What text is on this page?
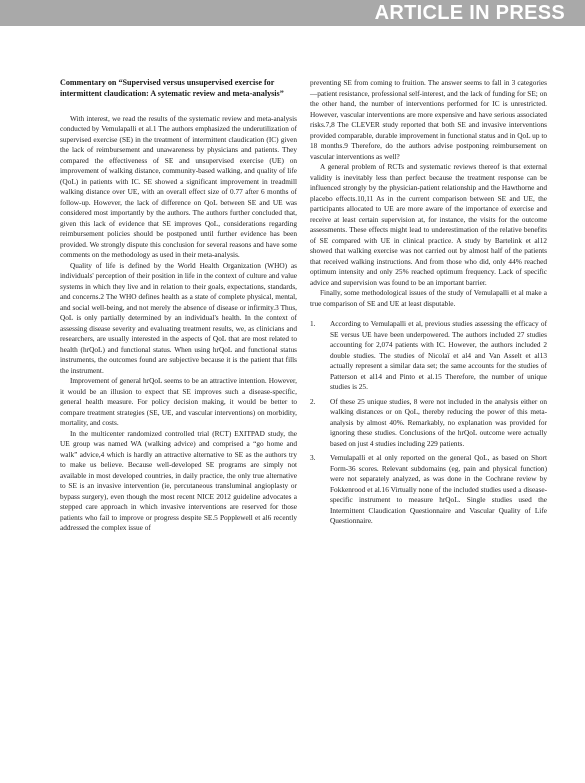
ARTICLE IN PRESS

Commentary on “Supervised versus unsupervised exercise for intermittent claudication: A sytematic review and meta-analysis”

With interest, we read the results of the systematic review and meta-analysis conducted by Vemulapalli et al.1 The authors emphasized the underutilization of supervised exercise (SE) in the treatment of intermittent claudication (IC) given the lack of reimbursement and unawareness by physicians and patients. They compared the effectiveness of SE and unsupervised exercise (UE) on improvement of walking distance, community-based walking, and quality of life (QoL) in patients with IC. SE showed a significant improvement in treadmill walking distance over UE, with an overall effect size of 0.77 after 6 months of follow-up. However, the lack of difference on QoL between SE and UE was considered most importantly by the authors. The authors further concluded that, given this lack of evidence that SE improves QoL, considerations regarding reimbursement policies should be postponed until further evidence has been provided. We strongly dispute this conclusion for several reasons and have some comments on the methodology as used in their meta-analysis.

Quality of life is defined by the World Health Organization (WHO) as individuals' perception of their position in life in the context of culture and value systems in which they live and in relation to their goals, expectations, standards, and concerns.2 The WHO defines health as a state of complete physical, mental, and social well-being, and not merely the absence of disease or infirmity.3 Thus, QoL is only partially determined by an individual's health. In the context of assessing disease severity and evaluating treatment results, we, as clinicians and researchers, are usually interested in the aspects of QoL that are most related to health (hrQoL) and functional status. When using hrQoL and functional status instruments, the outcomes found are subjective because it is the patient that fills the instrument.

Improvement of general hrQoL seems to be an attractive intention. However, it would be an illusion to expect that SE improves such a disease-specific, general health measure. For policy decision making, it would be better to compare treatment strategies (SE, UE, and vascular interventions) on morbidity, mortality, and costs.

In the multicenter randomized controlled trial (RCT) EXITPAD study, the UE group was named WA (walking advice) and comprised a “go home and walk” advice,4 which is hardly an attractive alternative to SE as the authors try to make us believe. Because well-developed SE programs are simply not available in most developed countries, in daily practice, the only true alternative to SE is an invasive intervention (ie, percutaneous transluminal angioplasty or bypass surgery), even though the most recent NICE 2012 guideline advocates a stepped care approach in which invasive interventions are reserved for those patients who fail to improve or progress despite SE.5 Popplewell et al6 recently addressed the complex issue of

preventing SE from coming to fruition. The answer seems to fall in 3 categories—patient resistance, professional self-interest, and the lack of funding for SE; on the other hand, the number of interventions performed for IC is unrestricted. However, vascular interventions are more expensive and have serious associated risks.7,8 The CLEVER study reported that both SE and invasive interventions provided comparable, durable improvement in functional status and in QoL up to 18 months.9 Therefore, do the authors advise postponing reimbursement on vascular interventions as well?

A general problem of RCTs and systematic reviews thereof is that external validity is inevitably less than perfect because the treatment response can be influenced strongly by the physician-patient relationship and the Hawthorne and placebo effects.10,11 As in the current comparison between SE and UE, the participants allocated to UE are more aware of the importance of exercise and receive at least certain supervision at, for instance, the visits for the outcome assessments. These effects might lead to underestimation of the relative benefits of SE compared with UE in clinical practice. A study by Bartelink et al12 showed that walking exercise was not carried out by almost half of the patients that received walking instructions. And from those who did, only 44% reached optimum intensity and only 25% reached optimum frequency. Lack of specific advice and supervision was found to be an important barrier.

Finally, some methodological issues of the study of Vemulapalli et al make a true comparison of SE and UE at least disputable.

1. According to Vemulapalli et al, previous studies assessing the efficacy of SE versus UE have been underpowered. The authors included 27 studies accounting for 2,074 patients with IC. However, the authors included 2 double studies. The studies of Nicolaï et al4 and Van Asselt et al13 actually represent a similar data set; the same accounts for the studies of Patterson et al14 and Pinto et al.15 Therefore, the number of unique studies is 25.
2. Of these 25 unique studies, 8 were not included in the analysis either on walking distances or on QoL, thereby reducing the power of this meta-analysis by almost 40%. Remarkably, no explanation was provided for ignoring these studies. Conclusions of the hrQoL outcome were actually based on just 4 studies including 229 patients.
3. Vemulapalli et al only reported on the general QoL, as based on Short Form-36 scores. Relevant subdomains (eg, pain and physical function) were not separately analyzed, as was done in the Cochrane review by Fokkenrood et al.16 Virtually none of the included studies used a disease-specific instrument to measure hrQoL. Single studies used the Intermittent Claudication Questionnaire and Vascular Quality of Life Questionnaire.
